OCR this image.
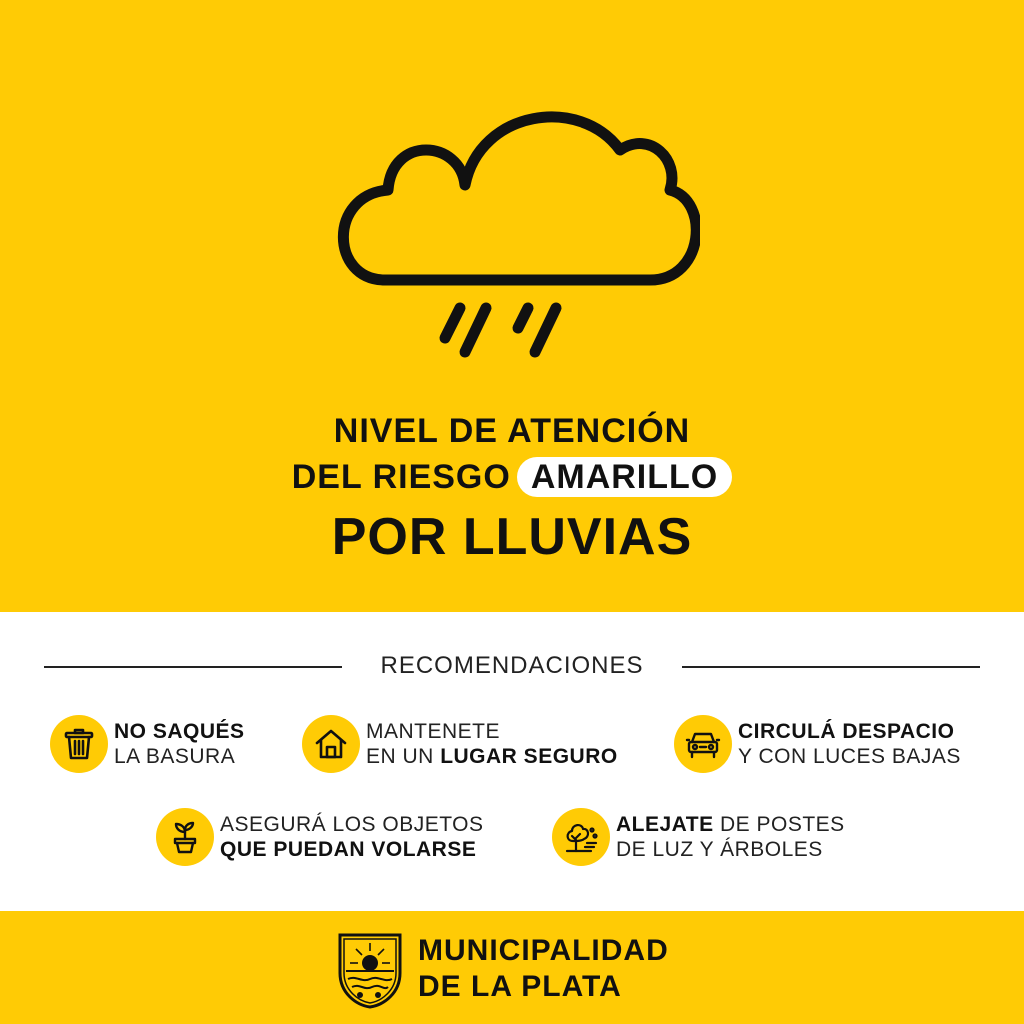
NIVEL DE ATENCIÓN
DEL RIESGO AMARILLO
POR LLUVIAS
RECOMENDACIONES
NO SAQUÉS
LA BASURA
MANTENETE
EN UN LUGAR SEGURO
CIRCULÁ DESPACIO
Y CON LUCES BAJAS
ASEGURÁ LOS OBJETOS
QUE PUEDAN VOLARSE
ALEJATE DE POSTES
DE LUZ Y ÁRBOLES
MUNICIPALIDAD
DE LA PLATA
